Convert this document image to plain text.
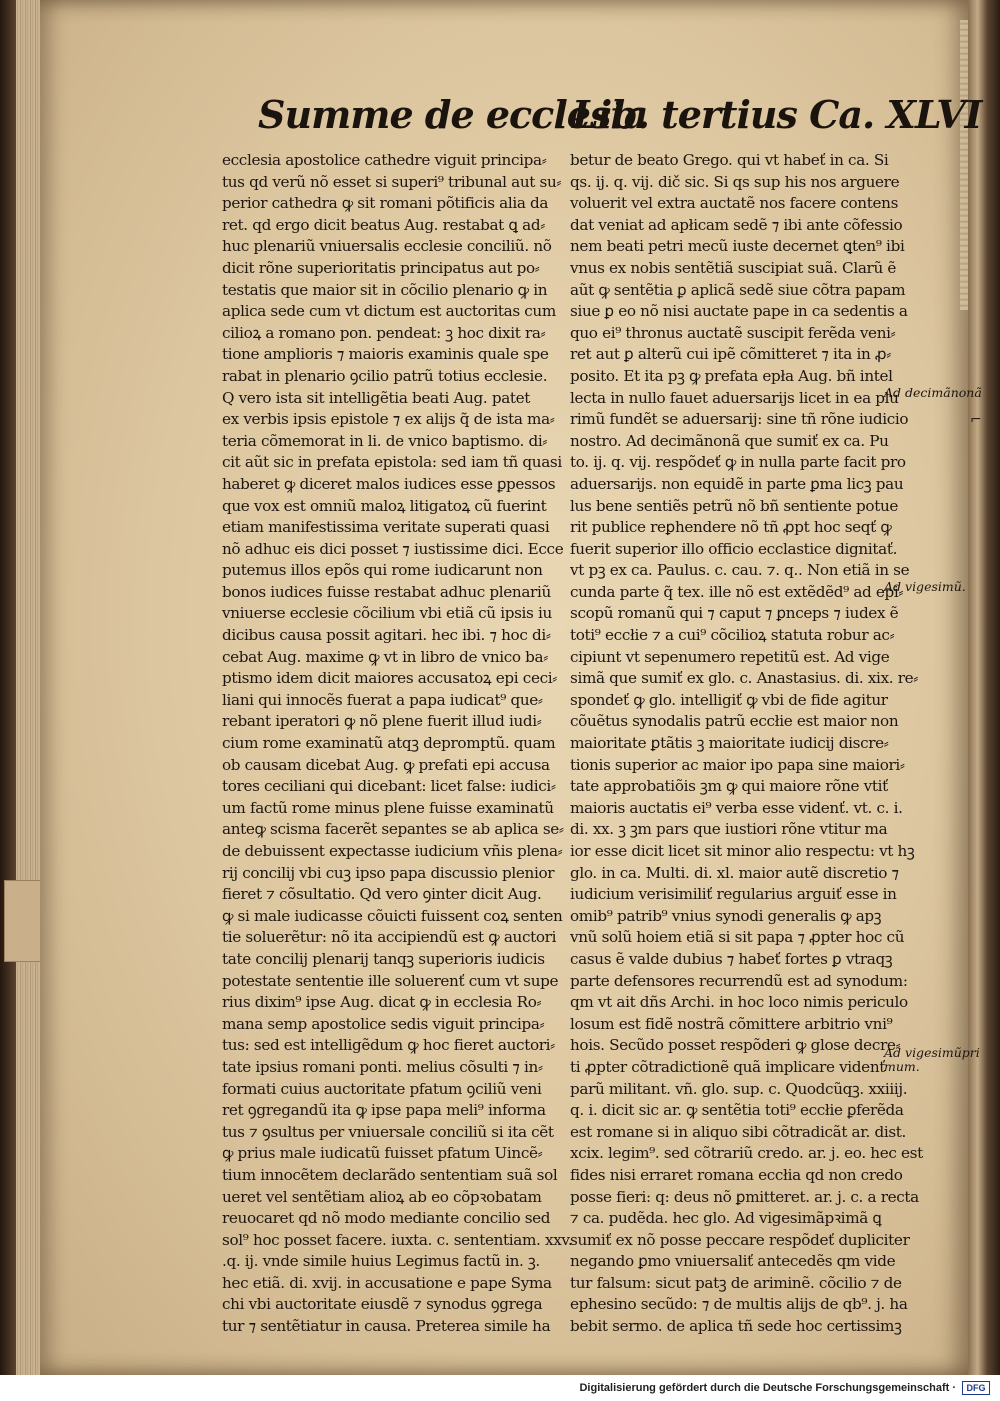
Summe de ecclesia
Lib. tertius Ca. XLVI
ecclesia apostolice cathedre viguit principa⸗
tus qd verũ nõ esset si superi⁹ tribunal aut su⸗
perior cathedra ꝙ sit romani põtificis alia da
ret. qd ergo dicit beatus Aug. restabat ꝗ ad⸗
huc plenariũ vniuersalis ecclesie conciliũ. nõ
dicit rõne superioritatis principatus aut po⸗
testatis que maior sit in cõcilio plenario ꝙ in
aplica sede cum vt dictum est auctoritas cum
cilioꝝ a romano pon. pendeat: ꝫ hoc dixit ra⸗
tione amplioris ⁊ maioris examinis quale spe
rabat in plenario ꝯcilio patrũ totius ecclesie.
Q vero ista sit intelligẽtia beati Aug. patet
ex verbis ipsis epistole ⁊ ex alijs q̃ de ista ma⸗
teria cõmemorat in li. de vnico baptismo. di⸗
cit aũt sic in prefata epistola: sed iam tñ quasi
haberet ꝙ diceret malos iudices esse ꝑpessos
que vox est omniũ maloꝝ litigatoꝝ cũ fuerint
etiam manifestissima veritate superati quasi
nõ adhuc eis dici posset ⁊ iustissime dici. Ecce
putemus illos epõs qui rome iudicarunt non
bonos iudices fuisse restabat adhuc plenariũ
vniuerse ecclesie cõcilium vbi etiã cũ ipsis iu
dicibus causa possit agitari. hec ibi. ⁊ hoc di⸗
cebat Aug. maxime ꝙ vt in libro de vnico ba⸗
ptismo idem dicit maiores accusatoꝝ epi ceci⸗
liani qui innocẽs fuerat a papa iudicat⁹ que⸗
rebant iperatori ꝙ nõ plene fuerit illud iudi⸗
cium rome examinatũ atqꝫ depromptũ. quam
ob causam dicebat Aug. ꝙ prefati epi accusa
tores ceciliani qui dicebant: licet false: iudici⸗
um factũ rome minus plene fuisse examinatũ
anteꝙ scisma facerẽt sepantes se ab aplica se⸗
de debuissent expectasse iudicium vñis plena⸗
rij concilij vbi cuꝫ ipso papa discussio plenior
fieret ⁊ cõsultatio. Qd vero ꝯinter dicit Aug.
ꝙ si male iudicasse cõuicti fuissent coꝝ senten
tie soluerẽtur: nõ ita accipiendũ est ꝙ auctori
tate concilij plenarij tanqꝫ superioris iudicis
potestate sententie ille soluerenť cum vt supe
rius dixim⁹ ipse Aug. dicat ꝙ in ecclesia Ro⸗
mana semp apostolice sedis viguit principa⸗
tus: sed est intelligẽdum ꝙ hoc fieret auctori⸗
tate ipsius romani ponti. melius cõsulti ⁊ in⸗
formati cuius auctoritate pfatum ꝯciliũ veni
ret ꝯgregandũ ita ꝙ ipse papa meli⁹ informa
tus ⁊ ꝯsultus per vniuersale conciliũ si ita cẽt
ꝙ prius male iudicatũ fuisset pfatum Uincẽ⸗
tium innocẽtem declarãdo sententiam suã sol
ueret vel sentẽtiam alioꝝ ab eo cõpꝛobatam
reuocaret qd nõ modo mediante concilio sed
sol⁹ hoc posset facere. iuxta. c. sententiam. xxv.
.q. ij. vnde simile huius Legimus factũ in. ꝫ.
hec etiã. di. xvij. in accusatione e pape Syma
chi vbi auctoritate eiusdẽ ⁊ synodus ꝯgrega
tur ⁊ sentẽtiatur in causa. Preterea simile ha
betur de beato Grego. qui vt habeť in ca. Si
qs. ij. q. vij. dič sic. Si qs sup his nos arguere
voluerit vel extra auctatẽ nos facere contens
dat veniat ad apłicam sedẽ ⁊ ibi ante cõfessio
nem beati petri mecũ iuste decernet ꝗten⁹ ibi
vnus ex nobis sentẽtiã suscipiat suã. Clarũ ẽ
aũt ꝙ sentẽtia ꝑ aplicã sedẽ siue cõtra papam
siue ꝑ eo nõ nisi auctate pape in ca sedentis a
quo ei⁹ thronus auctatẽ suscipit ferẽda veni⸗
ret aut ꝑ alterũ cui ipẽ cõmitteret ⁊ ita in ꝓ⸗
posito. Et ita pꝫ ꝙ prefata epła Aug. bñ intel
lecta in nullo fauet aduersarijs licet in ea plu
rimũ fundẽt se aduersarij: sine tñ rõne iudicio
nostro. Ad decimãnonã que sumiť ex ca. Pu
to. ij. q. vij. respõdeť ꝙ in nulla parte facit pro
aduersarijs. non equidẽ in parte ꝑma licꝫ pau
lus bene sentiẽs petrũ nõ bñ sentiente potue
rit publice reꝑhendere nõ tñ ꝓpt hoc seqť ꝙ
fuerit superior illo officio ecclastice dignitať.
vt pꝫ ex ca. Paulus. c. cau. ⁊. q.. Non etiã in se
cunda parte q̃ tex. ille nõ est extẽdẽd⁹ ad epi⸗
scopũ romanũ qui ⁊ caput ⁊ ꝑnceps ⁊ iudex ẽ
toti⁹ eccłie ⁊ a cui⁹ cõcilioꝝ statuta robur ac⸗
cipiunt vt sepenumero repetitũ est. Ad vige
simã que sumiť ex glo. c. Anastasius. di. xix. re⸗
spondeť ꝙ glo. intelligiť ꝙ vbi de fide agitur
cõuẽtus synodalis patrũ eccłie est maior non
maioritate ꝑtãtis ꝫ maioritate iudicij discre⸗
tionis superior ac maior ipo papa sine maiori⸗
tate approbatiõis ꝫm ꝙ qui maiore rõne vtiť
maioris auctatis ei⁹ verba esse videnť. vt. c. i.
di. xx. ꝫ ꝫm pars que iustiori rõne vtitur ma
ior esse dicit licet sit minor alio respectu: vt hꝫ
glo. in ca. Multi. di. xl. maior autẽ discretio ⁊
iudicium verisimiliť regularius arguiť esse in
omib⁹ patrib⁹ vnius synodi generalis ꝙ apꝫ
vnũ solũ hoiem etiã si sit papa ⁊ ꝓpter hoc cũ
casus ẽ valde dubius ⁊ habeť fortes ꝑ vtraqꝫ
parte defensores recurrendũ est ad synodum:
qm vt ait dñs Archi. in hoc loco nimis periculo
losum est fidẽ nostrã cõmittere arbitrio vni⁹
hois. Secũdo posset respõderi ꝙ glose decre⸗
ti ꝓpter cõtradictionẽ quã implicare videnť
parũ militant. vñ. glo. sup. c. Quodcũqꝫ. xxiiij.
q. i. dicit sic ar. ꝙ sentẽtia toti⁹ eccłie ꝑferẽda
est romane si in aliquo sibi cõtradicãt ar. dist.
xcix. legim⁹. sed cõtrariũ credo. ar. j. eo. hec est
fides nisi erraret romana eccłia qd non credo
posse fieri: q: deus nõ ꝑmitteret. ar. j. c. a recta
⁊ ca. pudẽda. hec glo. Ad vigesimãpꝛimã ꝗ
sumiť ex nõ posse peccare respõdeť dupliciter
negando ꝑmo vniuersaliť antecedẽs qm vide
tur falsum: sicut patꝫ de ariminẽ. cõcilio ⁊ de
ephesino secũdo: ⁊ de multis alijs de qb⁹. j. ha
bebit sermo. de aplica tñ sede hoc certissimꝫ
Ad decimãnonã
Ad vigesimũ.
Ad vigesimũpri
mum.
⌐
Digitalisierung gefördert durch die Deutsche Forschungsgemeinschaft ·	DFG
